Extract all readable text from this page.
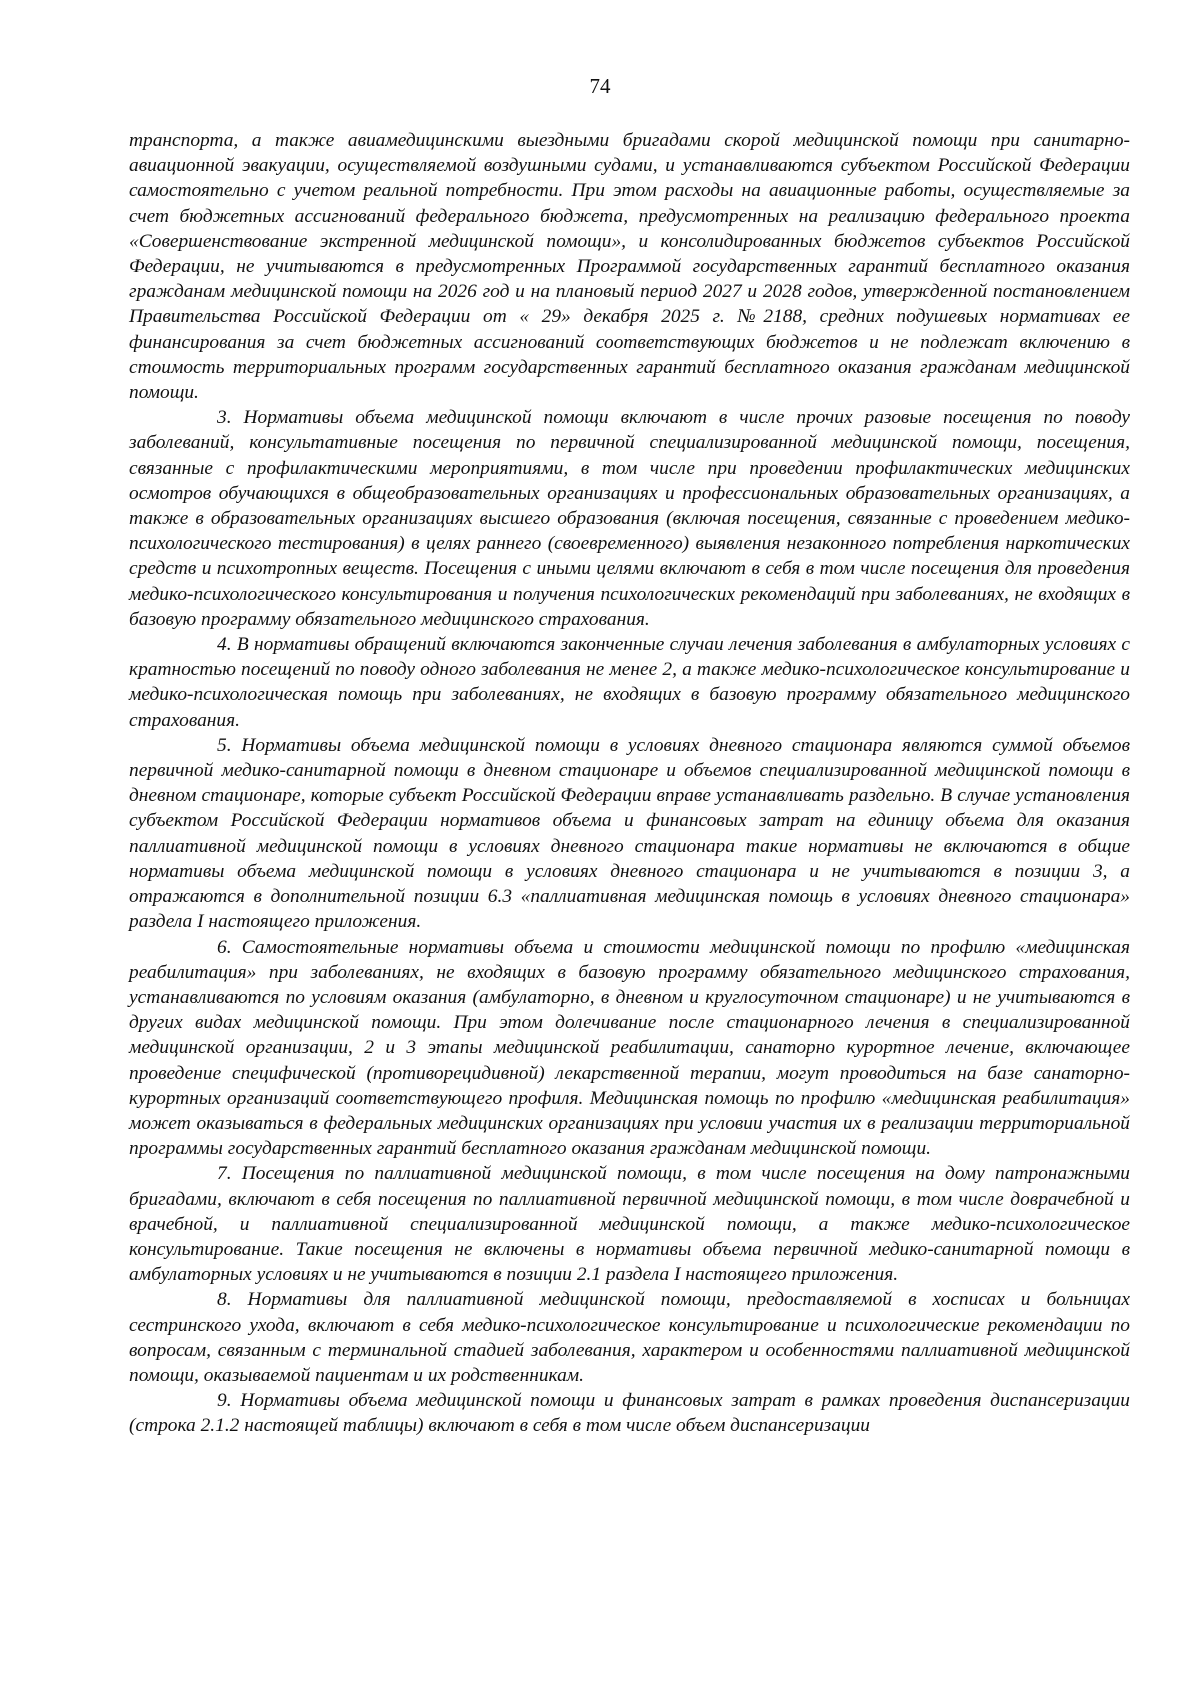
74

транспорта, а также авиамедицинскими выездными бригадами скорой медицинской помощи при санитарно-авиационной эвакуации, осуществляемой воздушными судами, и устанавливаются субъектом Российской Федерации самостоятельно с учетом реальной потребности. При этом расходы на авиационные работы, осуществляемые за счет бюджетных ассигнований федерального бюджета, предусмотренных на реализацию федерального проекта «Совершенствование экстренной медицинской помощи», и консолидированных бюджетов субъектов Российской Федерации, не учитываются в предусмотренных Программой государственных гарантий бесплатного оказания гражданам медицинской помощи на 2026 год и на плановый период 2027 и 2028 годов, утвержденной постановлением Правительства Российской Федерации от « 29» декабря 2025 г. №2188, средних подушевых нормативах ее финансирования за счет бюджетных ассигнований соответствующих бюджетов и не подлежат включению в стоимость территориальных программ государственных гарантий бесплатного оказания гражданам медицинской помощи.

3. Нормативы объема медицинской помощи включают в числе прочих разовые посещения по поводу заболеваний, консультативные посещения по первичной специализированной медицинской помощи, посещения, связанные с профилактическими мероприятиями, в том числе при проведении профилактических медицинских осмотров обучающихся в общеобразовательных организациях и профессиональных образовательных организациях, а также в образовательных организациях высшего образования (включая посещения, связанные с проведением медико-психологического тестирования) в целях раннего (своевременного) выявления незаконного потребления наркотических средств и психотропных веществ. Посещения с иными целями включают в себя в том числе посещения для проведения медико-психологического консультирования и получения психологических рекомендаций при заболеваниях, не входящих в базовую программу обязательного медицинского страхования.

4. В нормативы обращений включаются законченные случаи лечения заболевания в амбулаторных условиях с кратностью посещений по поводу одного заболевания не менее 2, а также медико-психологическое консультирование и медико-психологическая помощь при заболеваниях, не входящих в базовую программу обязательного медицинского страхования.

5. Нормативы объема медицинской помощи в условиях дневного стационара являются суммой объемов первичной медико-санитарной помощи в дневном стационаре и объемов специализированной медицинской помощи в дневном стационаре, которые субъект Российской Федерации вправе устанавливать раздельно. В случае установления субъектом Российской Федерации нормативов объема и финансовых затрат на единицу объема для оказания паллиативной медицинской помощи в условиях дневного стационара такие нормативы не включаются в общие нормативы объема медицинской помощи в условиях дневного стационара и не учитываются в позиции 3, а отражаются в дополнительной позиции 6.3 «паллиативная медицинская помощь в условиях дневного стационара» раздела I настоящего приложения.

6. Самостоятельные нормативы объема и стоимости медицинской помощи по профилю «медицинская реабилитация» при заболеваниях, не входящих в базовую программу обязательного медицинского страхования, устанавливаются по условиям оказания (амбулаторно, в дневном и круглосуточном стационаре) и не учитываются в других видах медицинской помощи. При этом долечивание после стационарного лечения в специализированной медицинской организации, 2 и 3 этапы медицинской реабилитации, санаторно курортное лечение, включающее проведение специфической (противорецидивной) лекарственной терапии, могут проводиться на базе санаторно-курортных организаций соответствующего профиля. Медицинская помощь по профилю «медицинская реабилитация» может оказываться в федеральных медицинских организациях при условии участия их в реализации территориальной программы государственных гарантий бесплатного оказания гражданам медицинской помощи.

7. Посещения по паллиативной медицинской помощи, в том числе посещения на дому патронажными бригадами, включают в себя посещения по паллиативной первичной медицинской помощи, в том числе доврачебной и врачебной, и паллиативной специализированной медицинской помощи, а также медико-психологическое консультирование. Такие посещения не включены в нормативы объема первичной медико-санитарной помощи в амбулаторных условиях и не учитываются в позиции 2.1 раздела I настоящего приложения.

8. Нормативы для паллиативной медицинской помощи, предоставляемой в хосписах и больницах сестринского ухода, включают в себя медико-психологическое консультирование и психологические рекомендации по вопросам, связанным с терминальной стадией заболевания, характером и особенностями паллиативной медицинской помощи, оказываемой пациентам и их родственникам.

9. Нормативы объема медицинской помощи и финансовых затрат в рамках проведения диспансеризации (строка 2.1.2 настоящей таблицы) включают в себя в том числе объем диспансеризации
